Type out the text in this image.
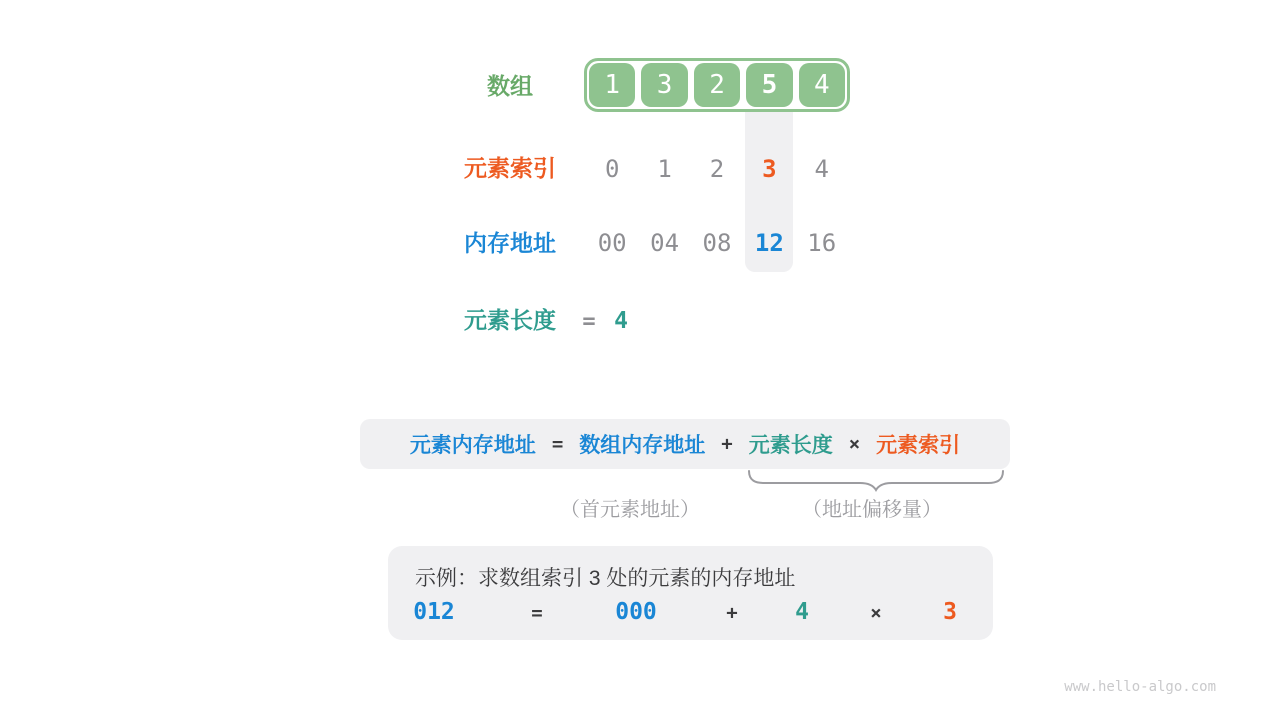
数组	1	3	2	5	4
元素索引	0	1	2	3	4
内存地址	00 04 08 12 16
元素长度	= 4
元素内存地址 = 数组内存地址 + 元素长度 × 元素索引
（首元素地址）	（地址偏移量）
示例：求数组索引 3 处的元素的内存地址
012	=	000	+ 4	×	3
www.hello-algo.com
